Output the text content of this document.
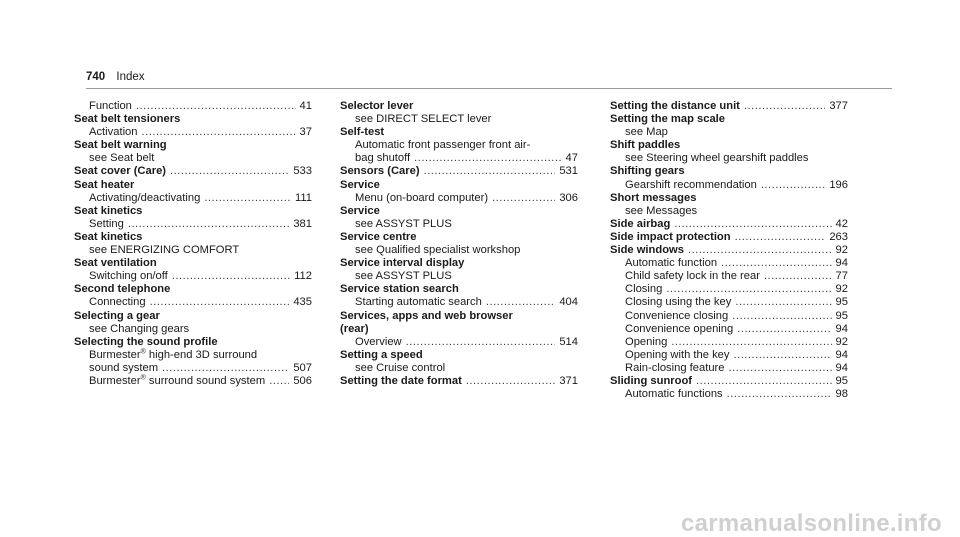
740 Index
Function .....	41
Seat belt tensioners
Activation .....	37
Seat belt warning
see Seat belt
Seat cover (Care) .....	533
Seat heater
Activating/deactivating .....	111
Seat kinetics
Setting .....	381
Seat kinetics
see ENERGIZING COMFORT
Seat ventilation
Switching on/off .....	112
Second telephone
Connecting .....	435
Selecting a gear
see Changing gears
Selecting the sound profile
Burmester® high-end 3D surround
sound system .....	507
Burmester® surround sound system .....	506
Selector lever
see DIRECT SELECT lever
Self-test
Automatic front passenger front air-
bag shutoff .....	47
Sensors (Care) .....	531
Service
Menu (on-board computer) .....	306
Service
see ASSYST PLUS
Service centre
see Qualified specialist workshop
Service interval display
see ASSYST PLUS
Service station search
Starting automatic search .....	404
Services, apps and web browser
(rear)
Overview .....	514
Setting a speed
see Cruise control
Setting the date format .....	371
Setting the distance unit .....	377
Setting the map scale
see Map
Shift paddles
see Steering wheel gearshift paddles
Shifting gears
Gearshift recommendation .....	196
Short messages
see Messages
Side airbag .....	42
Side impact protection .....	263
Side windows .....	92
Automatic function .....	94
Child safety lock in the rear .....	77
Closing .....	92
Closing using the key .....	95
Convenience closing .....	95
Convenience opening .....	94
Opening .....	92
Opening with the key .....	94
Rain-closing feature .....	94
Sliding sunroof .....	95
Automatic functions .....	98
carmanualsonline.info
